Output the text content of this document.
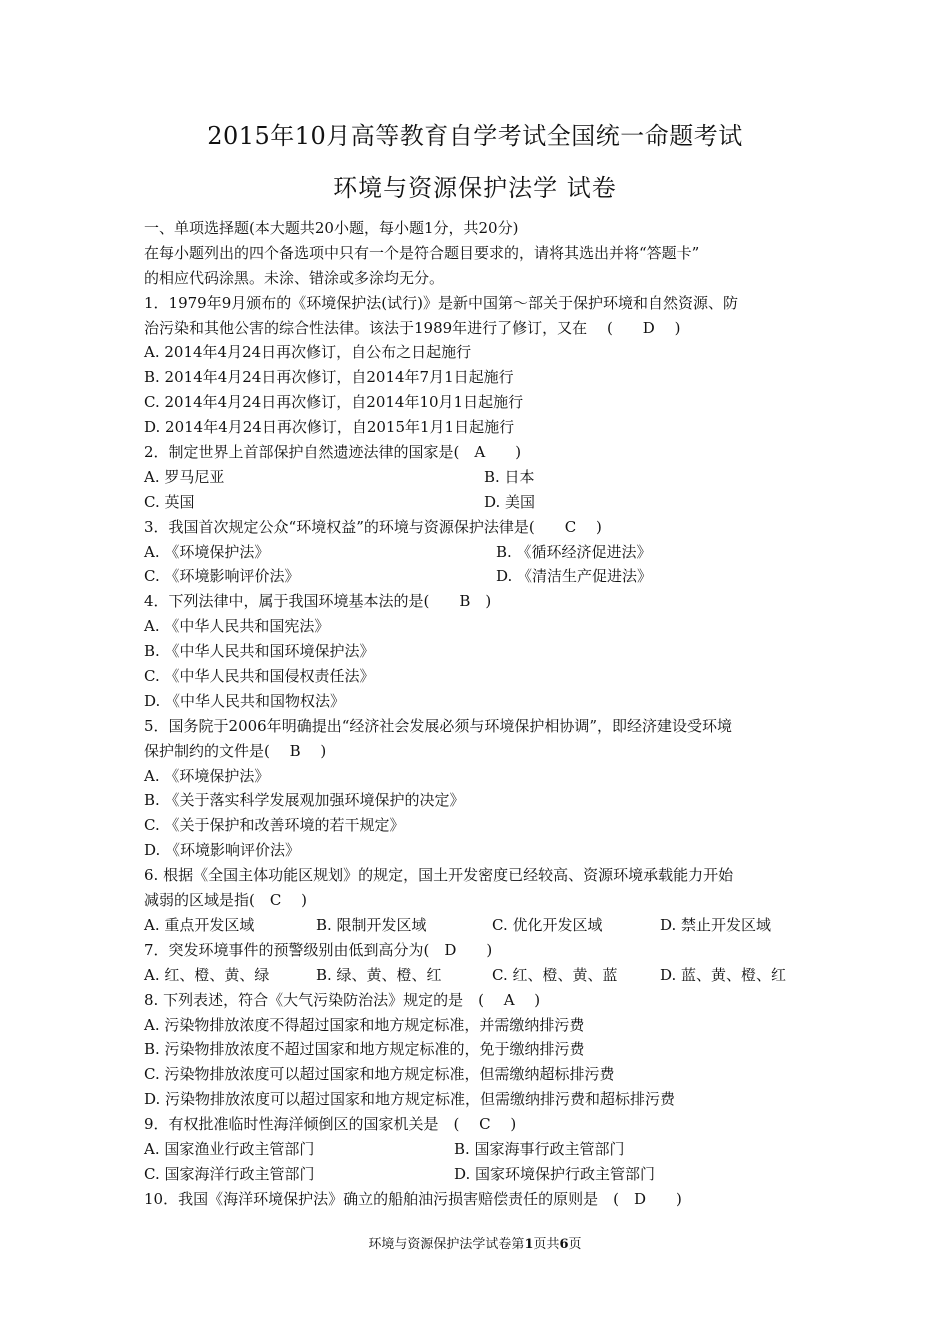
2015年10月高等教育自学考试全国统一命题考试
环境与资源保护法学 试卷
一、单项选择题(本大题共20小题，每小题1分，共20分)
在每小题列出的四个备选项中只有一个是符合题目要求的，请将其选出并将“答题卡”
的相应代码涂黑。未涂、错涂或多涂均无分。
1．1979年9月颁布的《环境保护法(试行)》是新中国第～部关于保护环境和自然资源、防
治污染和其他公害的综合性法律。该法于1989年进行了修订，又在　 (　　D　 )
A. 2014年4月24日再次修订，自公布之日起施行
B. 2014年4月24日再次修订，自2014年7月1日起施行
C. 2014年4月24日再次修订，自2014年10月1日起施行
D. 2014年4月24日再次修订，自2015年1月1日起施行
2．制定世界上首部保护自然遗迹法律的国家是(　A　　)
A. 罗马尼亚	B. 日本
C. 英国	D. 美国
3．我国首次规定公众“环境权益”的环境与资源保护法律是(　　C　 )
A. 《环境保护法》	B. 《循环经济促进法》
C. 《环境影响评价法》	D. 《清洁生产促进法》
4．下列法律中，属于我国环境基本法的是(　　B　)
A. 《中华人民共和国宪法》
B. 《中华人民共和国环境保护法》
C. 《中华人民共和国侵权责任法》
D. 《中华人民共和国物权法》
5．国务院于2006年明确提出“经济社会发展必须与环境保护相协调”，即经济建设受环境
保护制约的文件是(　 B　 )
A. 《环境保护法》
B. 《关于落实科学发展观加强环境保护的决定》
C. 《关于保护和改善环境的若干规定》
D. 《环境影响评价法》
6. 根据《全国主体功能区规划》的规定，国土开发密度已经较高、资源环境承载能力开始
减弱的区域是指(　C　 )
A. 重点开发区域	B. 限制开发区域	C. 优化开发区域	D. 禁止开发区域
7．突发环境事件的预警级别由低到高分为(　D　　)
A. 红、橙、黄、绿	B. 绿、黄、橙、红	C. 红、橙、黄、蓝	D. 蓝、黄、橙、红
8. 下列表述，符合《大气污染防治法》规定的是　(　 A　 )
A. 污染物排放浓度不得超过国家和地方规定标准，并需缴纳排污费
B. 污染物排放浓度不超过国家和地方规定标准的，免于缴纳排污费
C. 污染物排放浓度可以超过国家和地方规定标准，但需缴纳超标排污费
D. 污染物排放浓度可以超过国家和地方规定标准，但需缴纳排污费和超标排污费
9．有权批准临时性海洋倾倒区的国家机关是　(　 C　 )
A. 国家渔业行政主管部门	B. 国家海事行政主管部门
C. 国家海洋行政主管部门	D. 国家环境保护行政主管部门
10．我国《海洋环境保护法》确立的船舶油污损害赔偿责任的原则是　(　D　　)
环境与资源保护法学试卷第1页共6页
